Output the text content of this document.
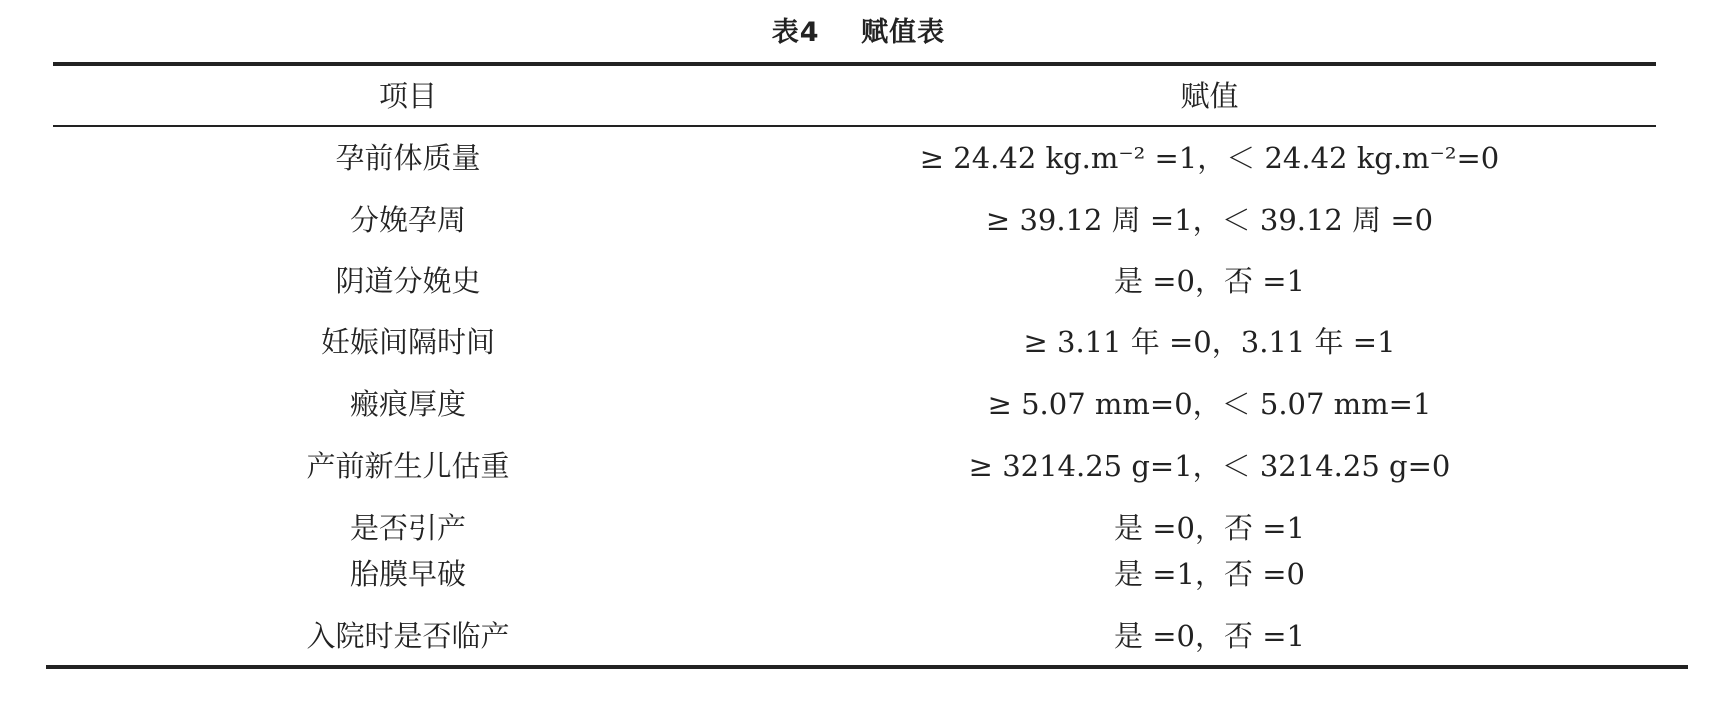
表4    赋值表
项目	赋值
孕前体质量	≥ 24.42 kg.m⁻² =1，＜ 24.42 kg.m⁻²=0
分娩孕周	≥ 39.12 周 =1，＜ 39.12 周 =0
阴道分娩史	是 =0，否 =1
妊娠间隔时间	≥ 3.11 年 =0，3.11 年 =1
瘢痕厚度	≥ 5.07 mm=0，＜ 5.07 mm=1
产前新生儿估重	≥ 3214.25 g=1，＜ 3214.25 g=0
是否引产	是 =0，否 =1
胎膜早破	是 =1，否 =0
入院时是否临产	是 =0，否 =1
